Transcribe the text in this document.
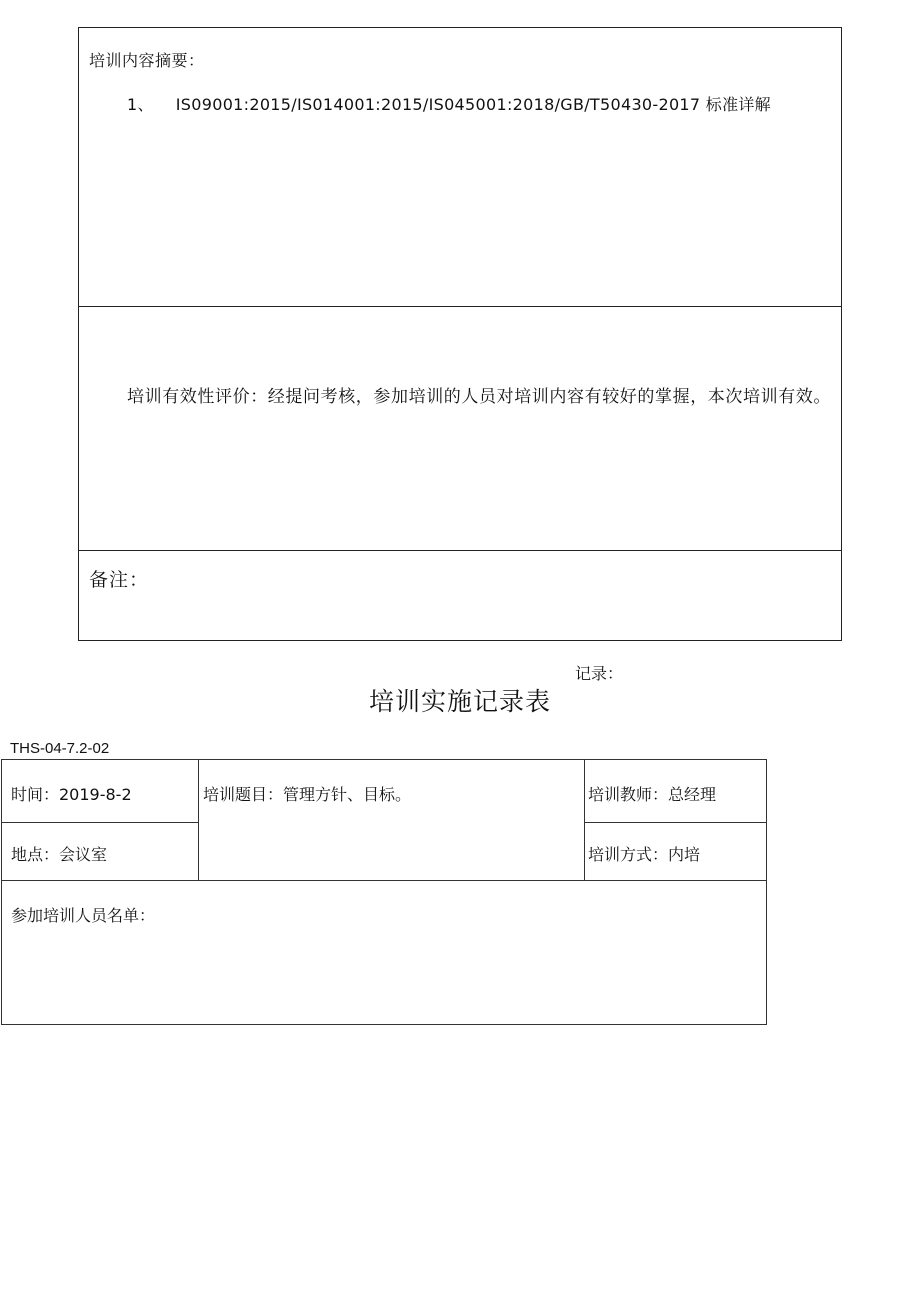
培训内容摘要：
1、 IS09001:2015/IS014001:2015/IS045001:2018/GB/T50430-2017 标准详解
培训有效性评价：经提问考核，参加培训的人员对培训内容有较好的掌握，本次培训有效。
备注：
记录：
培训实施记录表
THS-04-7.2-02
时间：2019-8-2
地点：会议室
培训题目：管理方针、目标。	培训教师：总经理
培训方式：内培
参加培训人员名单：
